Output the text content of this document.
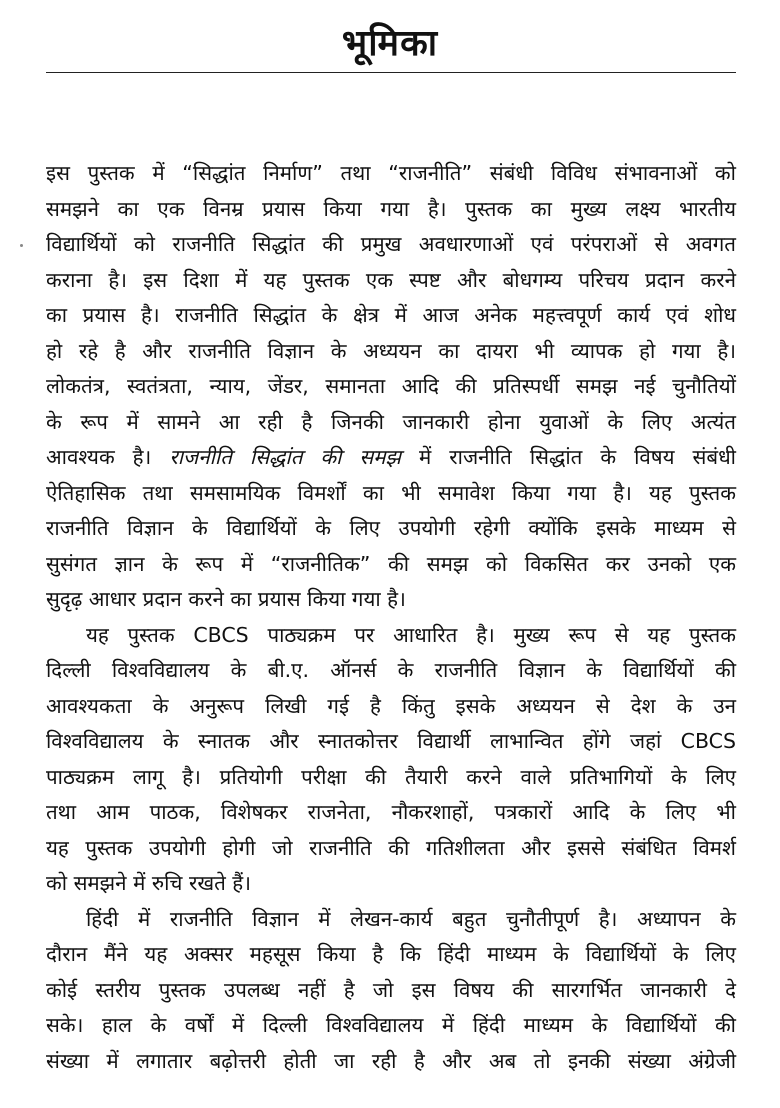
भूमिका
इस पुस्तक में “सिद्धांत निर्माण” तथा “राजनीति” संबंधी विविध संभावनाओं को
समझने का एक विनम्र प्रयास किया गया है। पुस्तक का मुख्य लक्ष्य भारतीय
विद्यार्थियों को राजनीति सिद्धांत की प्रमुख अवधारणाओं एवं परंपराओं से अवगत
कराना है। इस दिशा में यह पुस्तक एक स्पष्ट और बोधगम्य परिचय प्रदान करने
का प्रयास है। राजनीति सिद्धांत के क्षेत्र में आज अनेक महत्त्वपूर्ण कार्य एवं शोध
हो रहे है और राजनीति विज्ञान के अध्ययन का दायरा भी व्यापक हो गया है।
लोकतंत्र, स्वतंत्रता, न्याय, जेंडर, समानता आदि की प्रतिस्पर्धी समझ नई चुनौतियों
के रूप में सामने आ रही है जिनकी जानकारी होना युवाओं के लिए अत्यंत
आवश्यक है। राजनीति सिद्धांत की समझ में राजनीति सिद्धांत के विषय संबंधी
ऐतिहासिक तथा समसामयिक विमर्शों का भी समावेश किया गया है। यह पुस्तक
राजनीति विज्ञान के विद्यार्थियों के लिए उपयोगी रहेगी क्योंकि इसके माध्यम से
सुसंगत ज्ञान के रूप में “राजनीतिक” की समझ को विकसित कर उनको एक
सुदृढ़ आधार प्रदान करने का प्रयास किया गया है।
यह पुस्तक CBCS पाठ्यक्रम पर आधारित है। मुख्य रूप से यह पुस्तक
दिल्ली विश्वविद्यालय के बी.ए. ऑनर्स के राजनीति विज्ञान के विद्यार्थियों की
आवश्यकता के अनुरूप लिखी गई है किंतु इसके अध्ययन से देश के उन
विश्वविद्यालय के स्नातक और स्नातकोत्तर विद्यार्थी लाभान्वित होंगे जहां CBCS
पाठ्यक्रम लागू है। प्रतियोगी परीक्षा की तैयारी करने वाले प्रतिभागियों के लिए
तथा आम पाठक, विशेषकर राजनेता, नौकरशाहों, पत्रकारों आदि के लिए भी
यह पुस्तक उपयोगी होगी जो राजनीति की गतिशीलता और इससे संबंधित विमर्श
को समझने में रुचि रखते हैं।
हिंदी में राजनीति विज्ञान में लेखन-कार्य बहुत चुनौतीपूर्ण है। अध्यापन के
दौरान मैंने यह अक्सर महसूस किया है कि हिंदी माध्यम के विद्यार्थियों के लिए
कोई स्तरीय पुस्तक उपलब्ध नहीं है जो इस विषय की सारगर्भित जानकारी दे
सके। हाल के वर्षों में दिल्ली विश्वविद्यालय में हिंदी माध्यम के विद्यार्थियों की
संख्या में लगातार बढ़ोत्तरी होती जा रही है और अब तो इनकी संख्या अंग्रेजी
